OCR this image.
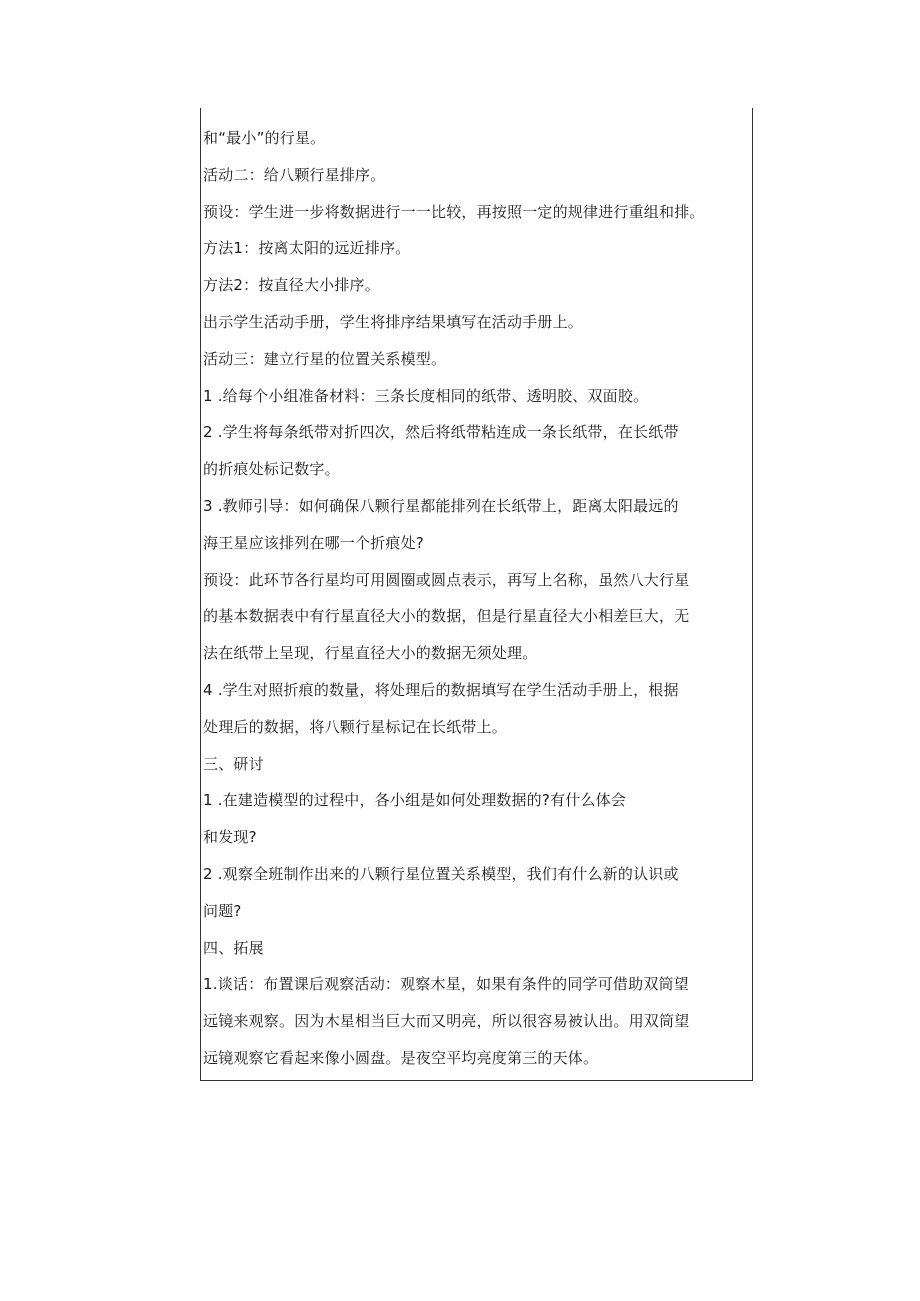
和“最小”的行星。
活动二：给八颗行星排序。
预设：学生进一步将数据进行一一比较，再按照一定的规律进行重组和排。
方法1：按离太阳的远近排序。
方法2：按直径大小排序。
出示学生活动手册，学生将排序结果填写在活动手册上。
活动三：建立行星的位置关系模型。
1 .给每个小组准备材料：三条长度相同的纸带、透明胶、双面胶。
2 .学生将每条纸带对折四次，然后将纸带粘连成一条长纸带，在长纸带
的折痕处标记数字。
3 .教师引导：如何确保八颗行星都能排列在长纸带上，距离太阳最远的
海王星应该排列在哪一个折痕处?
预设：此环节各行星均可用圆圈或圆点表示，再写上名称，虽然八大行星
的基本数据表中有行星直径大小的数据，但是行星直径大小相差巨大，无
法在纸带上呈现，行星直径大小的数据无须处理。
4 .学生对照折痕的数量，将处理后的数据填写在学生活动手册上，根据
处理后的数据，将八颗行星标记在长纸带上。
三、研讨
1 .在建造模型的过程中，各小组是如何处理数据的?有什么体会
和发现?
2 .观察全班制作出来的八颗行星位置关系模型，我们有什么新的认识或
问题?
四、拓展
1.谈话：布置课后观察活动：观察木星，如果有条件的同学可借助双筒望
远镜来观察。因为木星相当巨大而又明亮，所以很容易被认出。用双筒望
远镜观察它看起来像小圆盘。是夜空平均亮度第三的天体。
